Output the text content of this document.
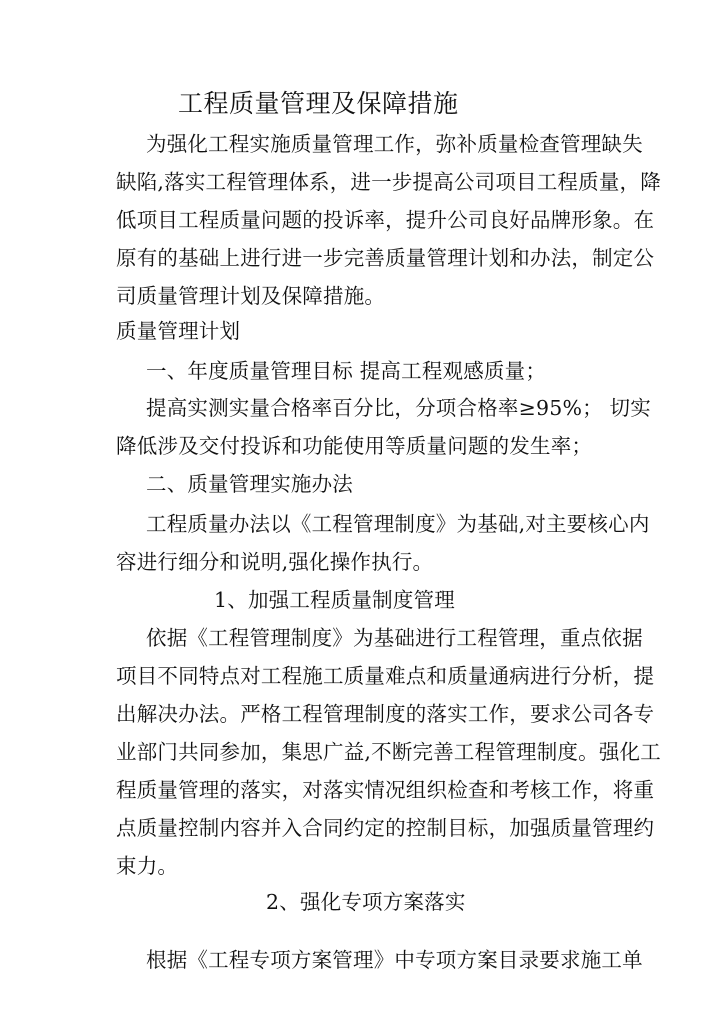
工程质量管理及保障措施
为强化工程实施质量管理工作，弥补质量检查管理缺失
缺陷,落实工程管理体系，进一步提高公司项目工程质量，降
低项目工程质量问题的投诉率，提升公司良好品牌形象。在
原有的基础上进行进一步完善质量管理计划和办法，制定公
司质量管理计划及保障措施。
质量管理计划
一、年度质量管理目标 提高工程观感质量；
提高实测实量合格率百分比，分项合格率≥95%； 切实
降低涉及交付投诉和功能使用等质量问题的发生率；
二、质量管理实施办法
工程质量办法以《工程管理制度》为基础,对主要核心内
容进行细分和说明,强化操作执行。
1、加强工程质量制度管理
依据《工程管理制度》为基础进行工程管理，重点依据
项目不同特点对工程施工质量难点和质量通病进行分析，提
出解决办法。严格工程管理制度的落实工作，要求公司各专
业部门共同参加，集思广益,不断完善工程管理制度。强化工
程质量管理的落实，对落实情况组织检查和考核工作，将重
点质量控制内容并入合同约定的控制目标，加强质量管理约
束力。
2、强化专项方案落实
根据《工程专项方案管理》中专项方案目录要求施工单
